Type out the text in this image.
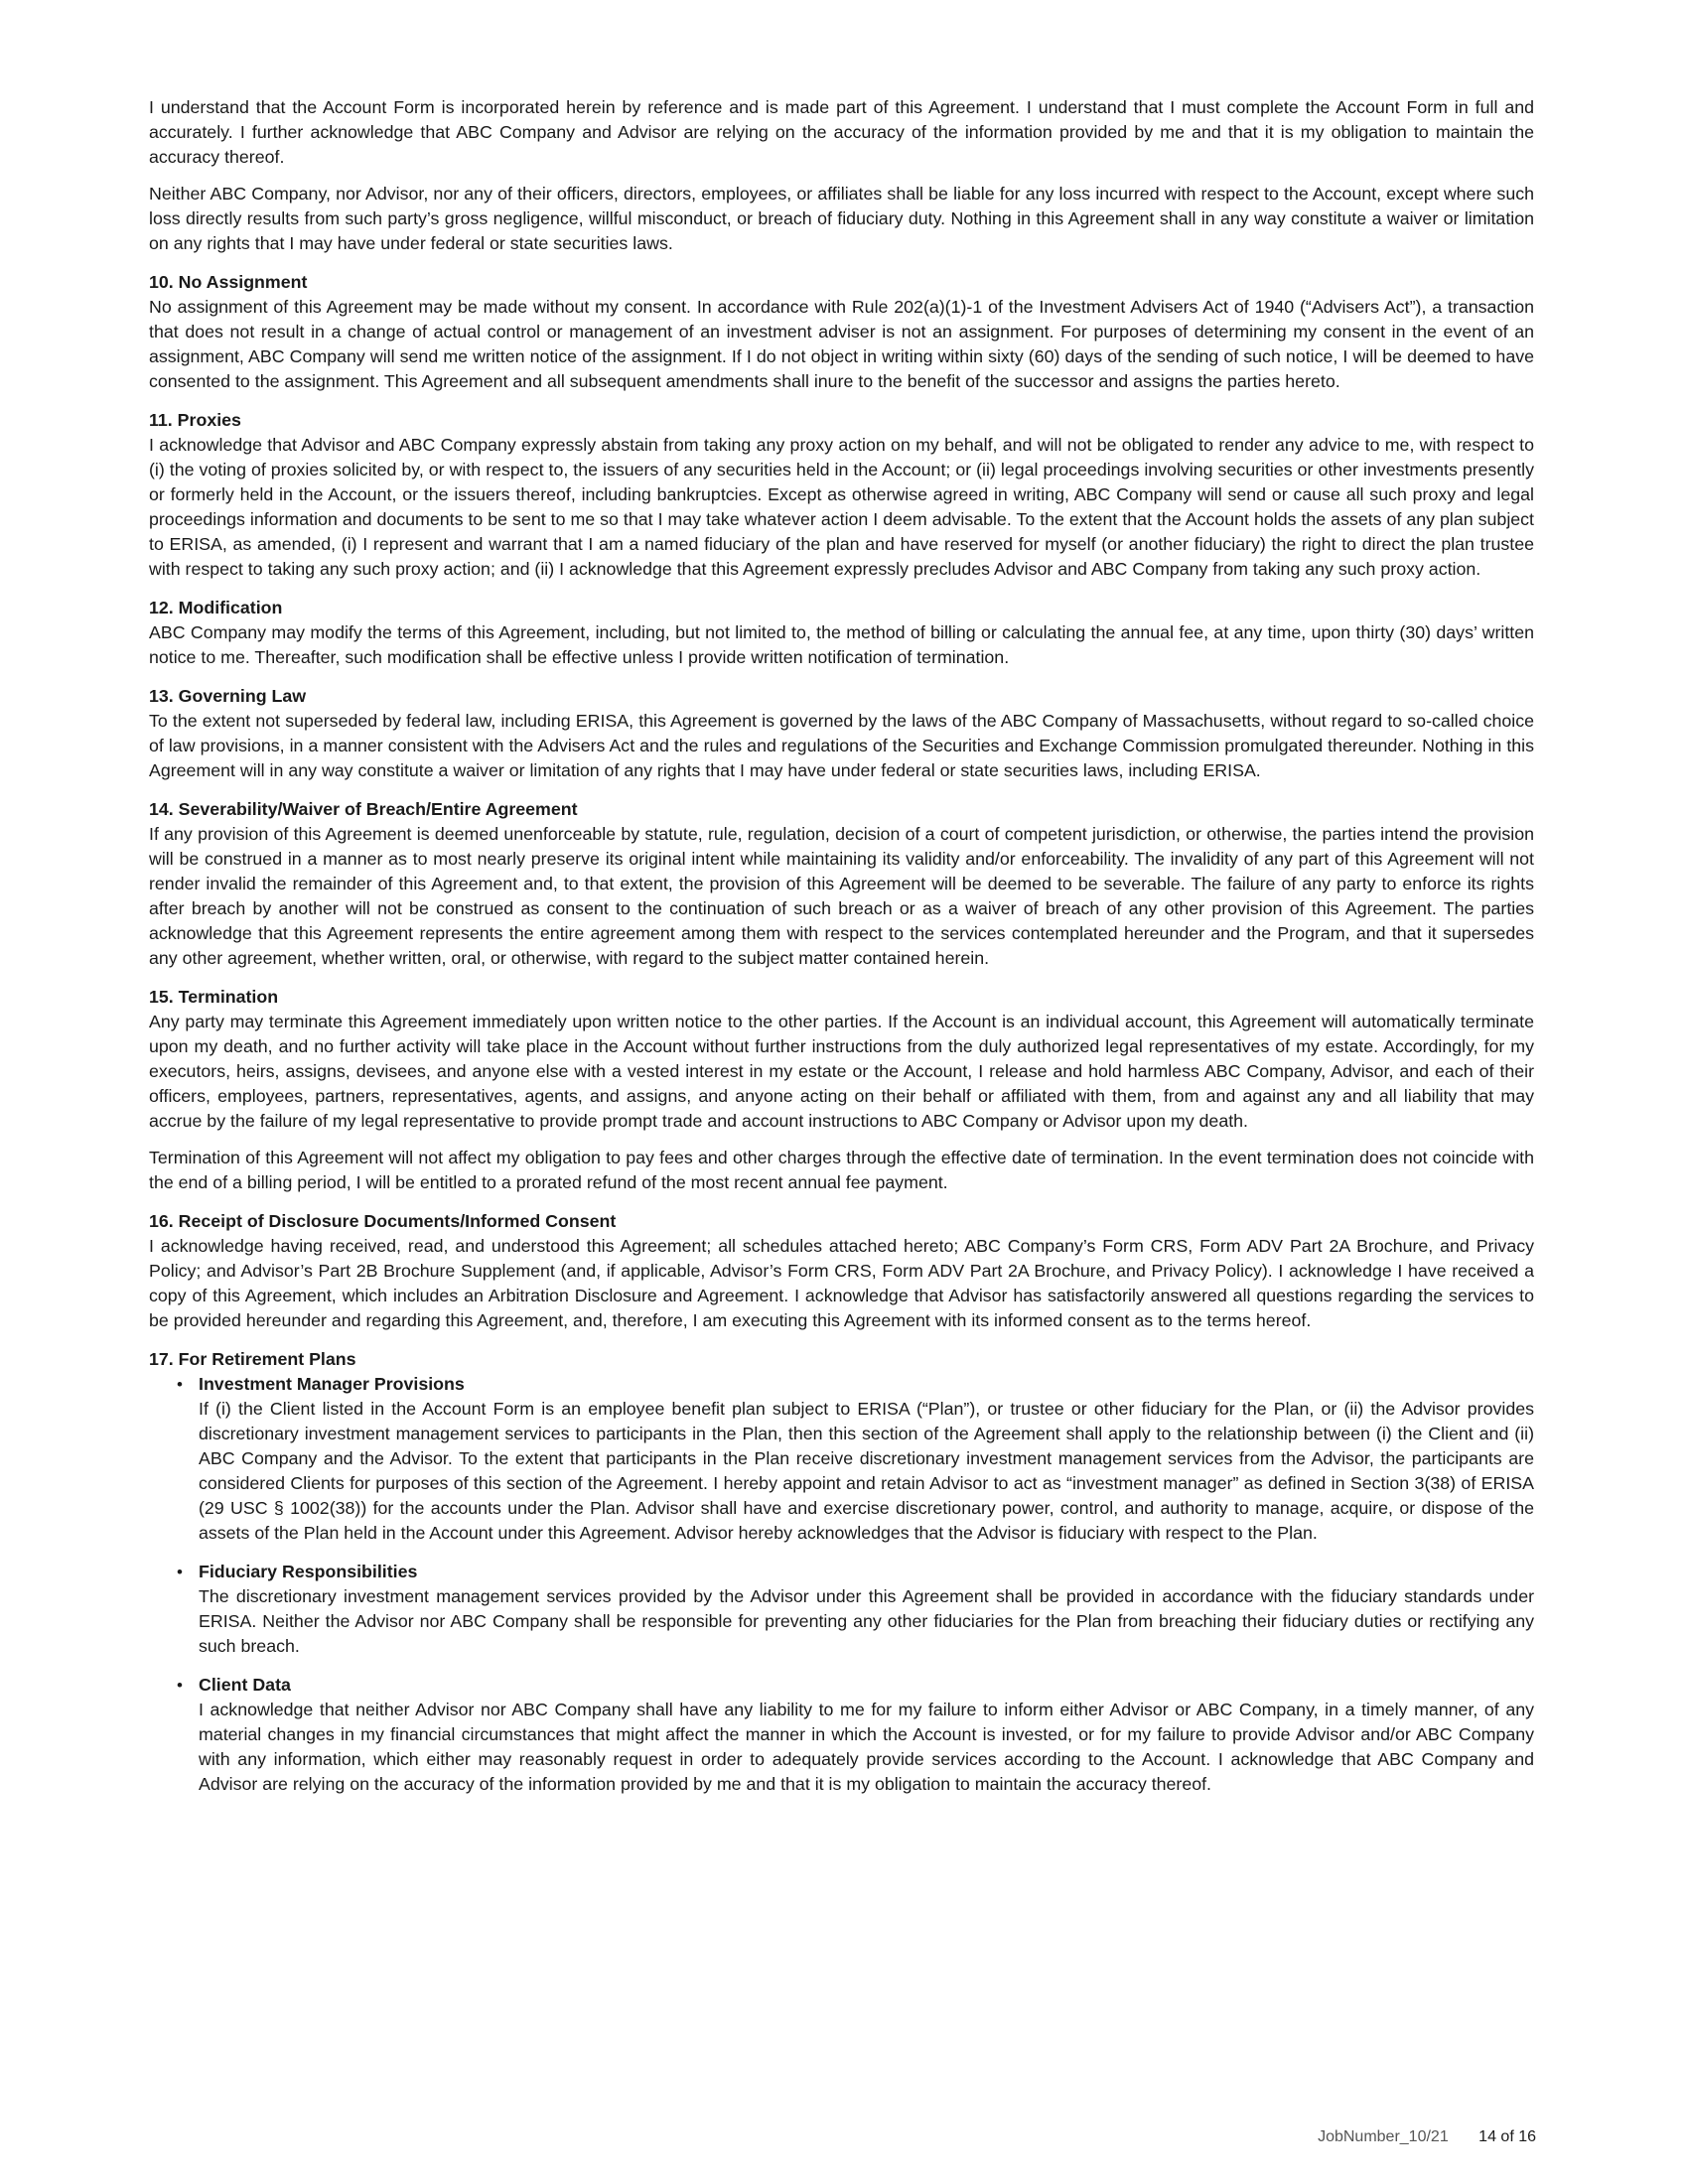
I understand that the Account Form is incorporated herein by reference and is made part of this Agreement. I understand that I must complete the Account Form in full and accurately. I further acknowledge that ABC Company and Advisor are relying on the accuracy of the information provided by me and that it is my obligation to maintain the accuracy thereof.

Neither ABC Company, nor Advisor, nor any of their officers, directors, employees, or affiliates shall be liable for any loss incurred with respect to the Account, except where such loss directly results from such party’s gross negligence, willful misconduct, or breach of fiduciary duty. Nothing in this Agreement shall in any way constitute a waiver or limitation on any rights that I may have under federal or state securities laws.

10. No Assignment

No assignment of this Agreement may be made without my consent. In accordance with Rule 202(a)(1)-1 of the Investment Advisers Act of 1940 (“Advisers Act”), a transaction that does not result in a change of actual control or management of an investment adviser is not an assignment. For purposes of determining my consent in the event of an assignment, ABC Company will send me written notice of the assignment. If I do not object in writing within sixty (60) days of the sending of such notice, I will be deemed to have consented to the assignment. This Agreement and all subsequent amendments shall inure to the benefit of the successor and assigns the parties hereto.

11. Proxies

I acknowledge that Advisor and ABC Company expressly abstain from taking any proxy action on my behalf, and will not be obligated to render any advice to me, with respect to (i) the voting of proxies solicited by, or with respect to, the issuers of any securities held in the Account; or (ii) legal proceedings involving securities or other investments presently or formerly held in the Account, or the issuers thereof, including bankruptcies. Except as otherwise agreed in writing, ABC Company will send or cause all such proxy and legal proceedings information and documents to be sent to me so that I may take whatever action I deem advisable. To the extent that the Account holds the assets of any plan subject to ERISA, as amended, (i) I represent and warrant that I am a named fiduciary of the plan and have reserved for myself (or another fiduciary) the right to direct the plan trustee with respect to taking any such proxy action; and (ii) I acknowledge that this Agreement expressly precludes Advisor and ABC Company from taking any such proxy action.

12. Modification

ABC Company may modify the terms of this Agreement, including, but not limited to, the method of billing or calculating the annual fee, at any time, upon thirty (30) days’ written notice to me. Thereafter, such modification shall be effective unless I provide written notification of termination.

13. Governing Law

To the extent not superseded by federal law, including ERISA, this Agreement is governed by the laws of the ABC Company of Massachusetts, without regard to so-called choice of law provisions, in a manner consistent with the Advisers Act and the rules and regulations of the Securities and Exchange Commission promulgated thereunder. Nothing in this Agreement will in any way constitute a waiver or limitation of any rights that I may have under federal or state securities laws, including ERISA.

14. Severability/Waiver of Breach/Entire Agreement

If any provision of this Agreement is deemed unenforceable by statute, rule, regulation, decision of a court of competent jurisdiction, or otherwise, the parties intend the provision will be construed in a manner as to most nearly preserve its original intent while maintaining its validity and/or enforceability. The invalidity of any part of this Agreement will not render invalid the remainder of this Agreement and, to that extent, the provision of this Agreement will be deemed to be severable. The failure of any party to enforce its rights after breach by another will not be construed as consent to the continuation of such breach or as a waiver of breach of any other provision of this Agreement. The parties acknowledge that this Agreement represents the entire agreement among them with respect to the services contemplated hereunder and the Program, and that it supersedes any other agreement, whether written, oral, or otherwise, with regard to the subject matter contained herein.

15. Termination

Any party may terminate this Agreement immediately upon written notice to the other parties. If the Account is an individual account, this Agreement will automatically terminate upon my death, and no further activity will take place in the Account without further instructions from the duly authorized legal representatives of my estate. Accordingly, for my executors, heirs, assigns, devisees, and anyone else with a vested interest in my estate or the Account, I release and hold harmless ABC Company, Advisor, and each of their officers, employees, partners, representatives, agents, and assigns, and anyone acting on their behalf or affiliated with them, from and against any and all liability that may accrue by the failure of my legal representative to provide prompt trade and account instructions to ABC Company or Advisor upon my death.

Termination of this Agreement will not affect my obligation to pay fees and other charges through the effective date of termination. In the event termination does not coincide with the end of a billing period, I will be entitled to a prorated refund of the most recent annual fee payment.

16. Receipt of Disclosure Documents/Informed Consent

I acknowledge having received, read, and understood this Agreement; all schedules attached hereto; ABC Company’s Form CRS, Form ADV Part 2A Brochure, and Privacy Policy; and Advisor’s Part 2B Brochure Supplement (and, if applicable, Advisor’s Form CRS, Form ADV Part 2A Brochure, and Privacy Policy). I acknowledge I have received a copy of this Agreement, which includes an Arbitration Disclosure and Agreement. I acknowledge that Advisor has satisfactorily answered all questions regarding the services to be provided hereunder and regarding this Agreement, and, therefore, I am executing this Agreement with its informed consent as to the terms hereof.

17. For Retirement Plans
• Investment Manager Provisions

If (i) the Client listed in the Account Form is an employee benefit plan subject to ERISA (“Plan”), or trustee or other fiduciary for the Plan, or (ii) the Advisor provides discretionary investment management services to participants in the Plan, then this section of the Agreement shall apply to the relationship between (i) the Client and (ii) ABC Company and the Advisor. To the extent that participants in the Plan receive discretionary investment management services from the Advisor, the participants are considered Clients for purposes of this section of the Agreement. I hereby appoint and retain Advisor to act as “investment manager” as defined in Section 3(38) of ERISA (29 USC § 1002(38)) for the accounts under the Plan. Advisor shall have and exercise discretionary power, control, and authority to manage, acquire, or dispose of the assets of the Plan held in the Account under this Agreement. Advisor hereby acknowledges that the Advisor is fiduciary with respect to the Plan.

• Fiduciary Responsibilities

The discretionary investment management services provided by the Advisor under this Agreement shall be provided in accordance with the fiduciary standards under ERISA. Neither the Advisor nor ABC Company shall be responsible for preventing any other fiduciaries for the Plan from breaching their fiduciary duties or rectifying any such breach.

• Client Data

I acknowledge that neither Advisor nor ABC Company shall have any liability to me for my failure to inform either Advisor or ABC Company, in a timely manner, of any material changes in my financial circumstances that might affect the manner in which the Account is invested, or for my failure to provide Advisor and/or ABC Company with any information, which either may reasonably request in order to adequately provide services according to the Account. I acknowledge that ABC Company and Advisor are relying on the accuracy of the information provided by me and that it is my obligation to maintain the accuracy thereof.

JobNumber_10/21 14 of 16
